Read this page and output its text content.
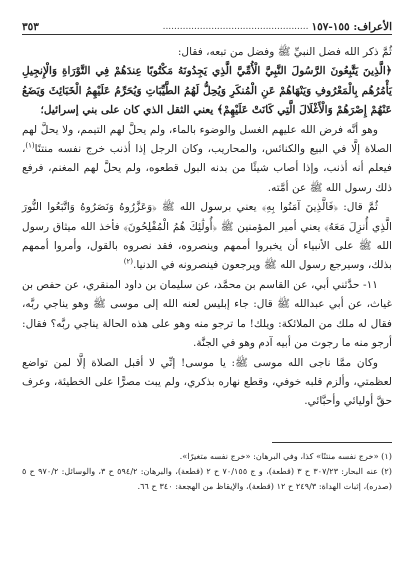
الأعراف: ١٥٥-١٥٧
...................................................
٣٥٣

ثُمَّ ذكر الله فضل النبيِّ ﷺ وفضل من تبعه، فقال:

﴿الَّذِينَ يَتَّبِعُونَ الرَّسُولَ النَّبِيَّ الْأُمِّيَّ الَّذِي يَجِدُونَهُ مَكْتُوبًا عِندَهُمْ فِي التَّوْرَاةِ وَالْإِنجِيلِ يَأْمُرُهُم بِالْمَعْرُوفِ وَيَنْهَاهُمْ عَنِ الْمُنكَرِ وَيُحِلُّ لَهُمُ الطَّيِّبَاتِ وَيُحَرِّمُ عَلَيْهِمُ الْخَبَائِثَ وَيَضَعُ عَنْهُمْ إِصْرَهُمْ وَالْأَغْلَالَ الَّتِي كَانَتْ عَلَيْهِمْ﴾ يعني الثقل الذي كان على بني إسرائيل؛

وهو أنَّه فرض الله عليهم الغسل والوضوء بالماء، ولم يحلَّ لهم التيمم، ولا يحلَّ لهم الصلاة إلَّا في البيع والكنائس، والمحاريب، وكان الرجل إذا أذنب خرج نفسه منتنًا$^{(١)}$، فيعلم أنه أذنب، وإذا أصاب شيئًا من بدنه البول قطعوه، ولم يحلَّ لهم المغنم، فرفع ذلك رسول الله ﷺ عن أمَّته.

ثُمَّ قال: ﴿فَالَّذِينَ آمَنُوا بِهِ﴾ يعني برسول الله ﷺ ﴿وَعَزَّرُوهُ وَنَصَرُوهُ وَاتَّبَعُوا النُّورَ الَّذِي أُنزِلَ مَعَهُ﴾ يعني أمير المؤمنين ﷺ ﴿أُولَٰئِكَ هُمُ الْمُفْلِحُونَ﴾ فأخذ الله ميثاق رسول الله ﷺ على الأنبياء أن يخبروا أممهم وينصروه، فقد نصروه بالقول، وأمروا أممهم بذلك، وسيرجع رسول الله ﷺ ويرجعون فينصرونه في الدنيا.$^{(٢)}$

١١- حدَّثني أبي، عن القاسم بن محمَّد، عن سليمان بن داود المنقري، عن حفص بن غياث، عن أبي عبدالله ﷺ قال: جاء إبليس لعنه الله إلى موسى ﷺ وهو يناجي ربَّه، فقال له ملك من الملائكة: ويلك! ما ترجو منه وهو على هذه الحالة يناجي ربَّه؟ فقال: أرجو منه ما رجوت من أبيه آدم وهو في الجنَّة.

وكان ممَّا ناجى الله موسى ﷺ: يا موسى! إنِّي لا أقبل الصلاة إلَّا لمن تواضع لعظمتي، وألزم قلبه خوفي، وقطع نهاره بذكري، ولم يبت مصرًّا على الخطيئة، وعرف حقَّ أوليائي وأحبَّائي.

(١) «خرج نفسه منتنًا» كذا، وفي البرهان: «خرج نفسه متغيرًا».

(٢) عنه البحار: ٣٠٧/٢٣ ح ٣ (قطعة)، و ج ٧٠/١٥٥ ح ٢ (قطعة)، والبرهان: ٥٩٤/٢ ح ٣، والوسائل: ٩٧٠/٢ ح ٥ (صدره)، إثبات الهداة: ٢٤٩/٣ ح ١٢ (قطعة)، والإيقاظ من الهجعة: ٣٤٠ ح ٦٦.
